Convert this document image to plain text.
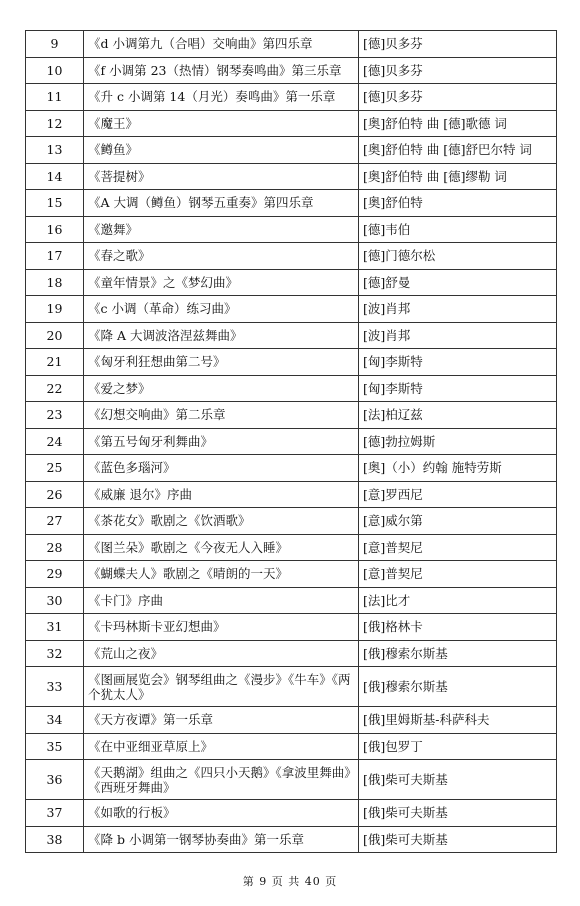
9	《d 小调第九（合唱）交响曲》第四乐章	[德]贝多芬
10	《f 小调第 23（热情）钢琴奏鸣曲》第三乐章	[德]贝多芬
11	《升 c 小调第 14（月光）奏鸣曲》第一乐章	[德]贝多芬
12	《魔王》	[奥]舒伯特 曲 [德]歌德 词
13	《鳟鱼》	[奥]舒伯特 曲 [德]舒巴尔特 词
14	《菩提树》	[奥]舒伯特 曲 [德]缪勒 词
15	《A 大调（鳟鱼）钢琴五重奏》第四乐章	[奥]舒伯特
16	《邀舞》	[德]韦伯
17	《春之歌》	[德]门德尔松
18	《童年情景》之《梦幻曲》	[德]舒曼
19	《c 小调（革命）练习曲》	[波]肖邦
20	《降 A 大调波洛涅兹舞曲》	[波]肖邦
21	《匈牙利狂想曲第二号》	[匈]李斯特
22	《爱之梦》	[匈]李斯特
23	《幻想交响曲》第二乐章	[法]柏辽兹
24	《第五号匈牙利舞曲》	[德]勃拉姆斯
25	《蓝色多瑙河》	[奥]（小）约翰 施特劳斯
26	《威廉 退尔》序曲	[意]罗西尼
27	《茶花女》歌剧之《饮酒歌》	[意]威尔第
28	《图兰朵》歌剧之《今夜无人入睡》	[意]普契尼
29	《蝴蝶夫人》歌剧之《晴朗的一天》	[意]普契尼
30	《卡门》序曲	[法]比才
31	《卡玛林斯卡亚幻想曲》	[俄]格林卡
32	《荒山之夜》	[俄]穆索尔斯基
33	《图画展览会》钢琴组曲之《漫步》《牛车》《两个犹太人》	[俄]穆索尔斯基
34	《天方夜谭》第一乐章	[俄]里姆斯基-科萨科夫
35	《在中亚细亚草原上》	[俄]包罗丁
36	《天鹅湖》组曲之《四只小天鹅》《拿波里舞曲》《西班牙舞曲》	[俄]柴可夫斯基
37	《如歌的行板》	[俄]柴可夫斯基
38	《降 b 小调第一钢琴协奏曲》第一乐章	[俄]柴可夫斯基
第 9 页 共 40 页
